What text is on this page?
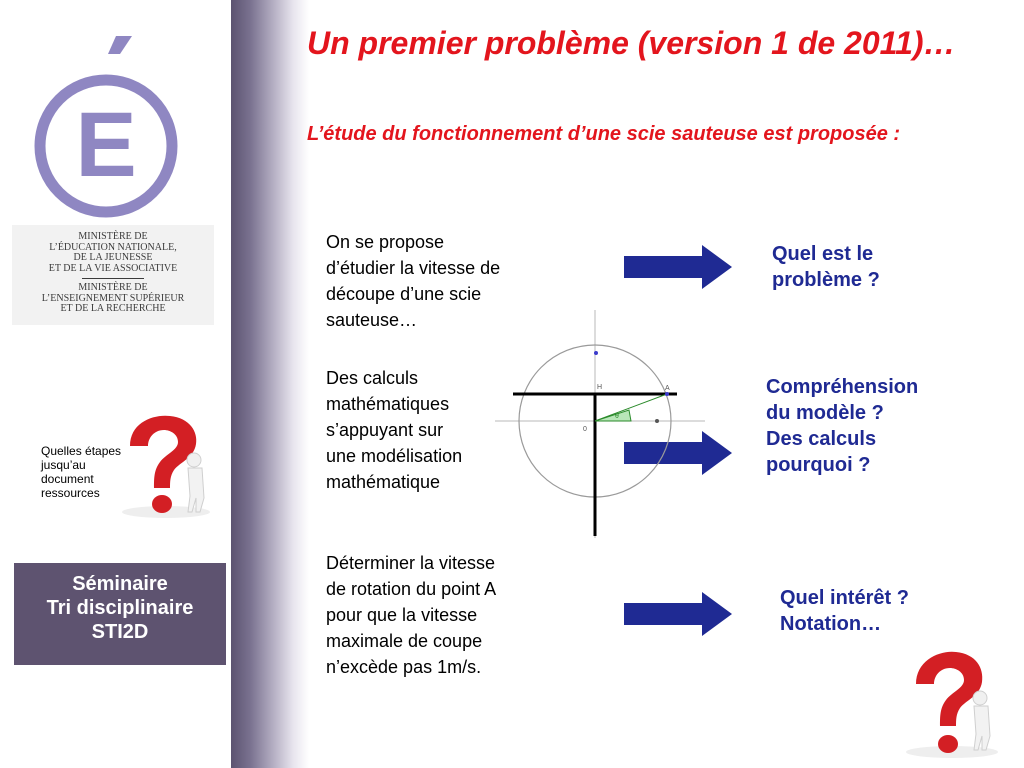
E
MINISTÈRE DE
L’ÉDUCATION NATIONALE,
DE LA JEUNESSE
ET DE LA VIE ASSOCIATIVE
MINISTÈRE DE
L’ENSEIGNEMENT SUPÉRIEUR
ET DE LA RECHERCHE
Quelles étapes jusqu’au document ressources
Séminaire
Tri disciplinaire
STI2D
Un premier problème (version 1 de 2011)…
L’étude du fonctionnement d’une scie sauteuse est proposée :
On se propose
d’étudier la vitesse de
découpe d’une scie
sauteuse…
Des calculs
mathématiques
s’appuyant sur
une modélisation
mathématique
Déterminer la vitesse
de rotation du point A
pour que la vitesse
maximale de coupe
n’excède pas 1m/s.
Quel est le
problème ?
Compréhension
du modèle ?
Des calculs
pourquoi ?
Quel intérêt ?
Notation…
H	A
0
θ
